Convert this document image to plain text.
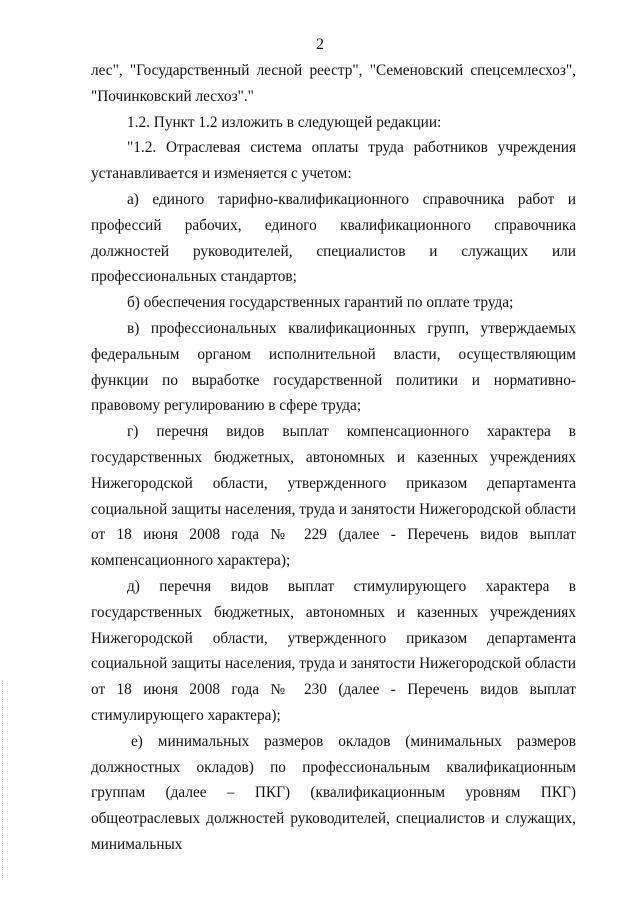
2

лес", "Государственный лесной реестр", "Семеновский спецсемлесхоз", "Починковский лесхоз"."

1.2. Пункт 1.2 изложить в следующей редакции:

"1.2. Отраслевая система оплаты труда работников учреждения устанавливается и изменяется с учетом:

а) единого тарифно-квалификационного справочника работ и профессий рабочих, единого квалификационного справочника должностей руководителей, специалистов и служащих или профессиональных стандартов;

б) обеспечения государственных гарантий по оплате труда;

в) профессиональных квалификационных групп, утверждаемых федеральным органом исполнительной власти, осуществляющим функции по выработке государственной политики и нормативно-правовому регулированию в сфере труда;

г) перечня видов выплат компенсационного характера в государственных бюджетных, автономных и казенных учреждениях Нижегородской области, утвержденного приказом департамента социальной защиты населения, труда и занятости Нижегородской области от 18 июня 2008 года № 229 (далее - Перечень видов выплат компенсационного характера);

д) перечня видов выплат стимулирующего характера в государственных бюджетных, автономных и казенных учреждениях Нижегородской области, утвержденного приказом департамента социальной защиты населения, труда и занятости Нижегородской области от 18 июня 2008 года № 230 (далее - Перечень видов выплат стимулирующего характера);

е) минимальных размеров окладов (минимальных размеров должностных окладов) по профессиональным квалификационным группам (далее – ПКГ) (квалификационным уровням ПКГ) общеотраслевых должностей руководителей, специалистов и служащих, минимальных
